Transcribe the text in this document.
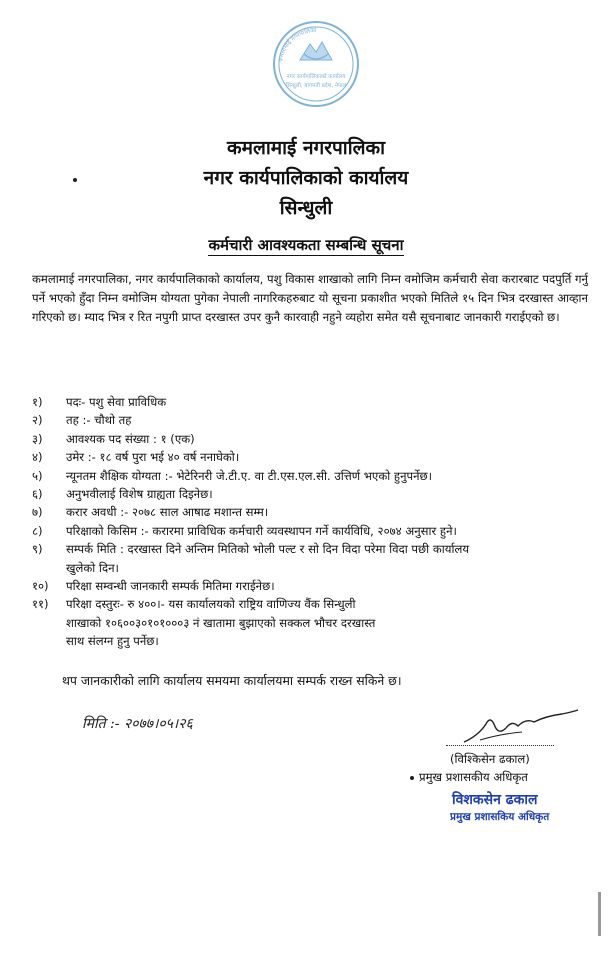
कमलामाई नगरपालिका
नगर कार्यपालिकाको कार्यालय
सिन्धुली, बागमती प्रदेश, नेपाल
कमलामाई नगरपालिका
नगर कार्यपालिकाको कार्यालय
सिन्धुली
कर्मचारी आवश्यकता सम्बन्धि सूचना
कमलामाई नगरपालिका, नगर कार्यपालिकाको कार्यालय, पशु विकास शाखाको लागि निम्न वमोजिम कर्मचारी सेवा करारबाट पदपुर्ति गर्नु पर्ने भएको हुँदा निम्न वमोजिम योग्यता पुगेका नेपाली नागरिकहरुबाट यो सूचना प्रकाशीत भएको मितिले १५ दिन भित्र दरखास्त आव्हान गरिएको छ। म्याद भित्र र रित नपुगी प्राप्त दरखास्त उपर कुनै कारवाही नहुने व्यहोरा समेत यसै सूचनाबाट जानकारी गराईएको छ।
१)	पदः- पशु सेवा प्राविधिक
२)	तह :- चौथो तह
३)	आवश्यक पद संख्या : १ (एक)
४)	उमेर :- १८ वर्ष पुरा भई ४० वर्ष ननाघेको।
५)	न्यूनतम शैक्षिक योग्यता :- भेटेरिनरी जे.टी.ए. वा टी.एस.एल.सी. उत्तिर्ण भएको हुनुपर्नेछ।
६)	अनुभवीलाई विशेष ग्राह्यता दिइनेछ।
७)	करार अवधी :- २०७८ साल आषाढ मशान्त सम्म।
८)	परिक्षाको किसिम :- करारमा प्राविधिक कर्मचारी व्यवस्थापन गर्ने कार्यविधि, २०७४ अनुसार हुने।
९)	सम्पर्क मिति : दरखास्त दिने अन्तिम मितिको भोली पल्ट र सो दिन विदा परेमा विदा पछी कार्यालय
खुलेको दिन।
१०)	परिक्षा सम्वन्धी जानकारी सम्पर्क मितिमा गराईनेछ।
११)	परिक्षा दस्तुरः- रु ४००।- यस कार्यालयको राष्ट्रिय वाणिज्य वैंक सिन्धुली
शाखाको १०६००३०१०१०००३ नं खातामा बुझाएको सक्कल भौचर दरखास्त
साथ संलग्न हुनु पर्नेछ।
थप जानकारीको लागि कार्यालय समयमा कार्यालयमा सम्पर्क राख्न सकिने छ।
मिति :- २०७७।०५।२६
(विश्किसेन ढकाल)
प्रमुख प्रशासकीय अधिकृत
विशकसेन ढकाल
प्रमुख प्रशासकिय अधिकृत
